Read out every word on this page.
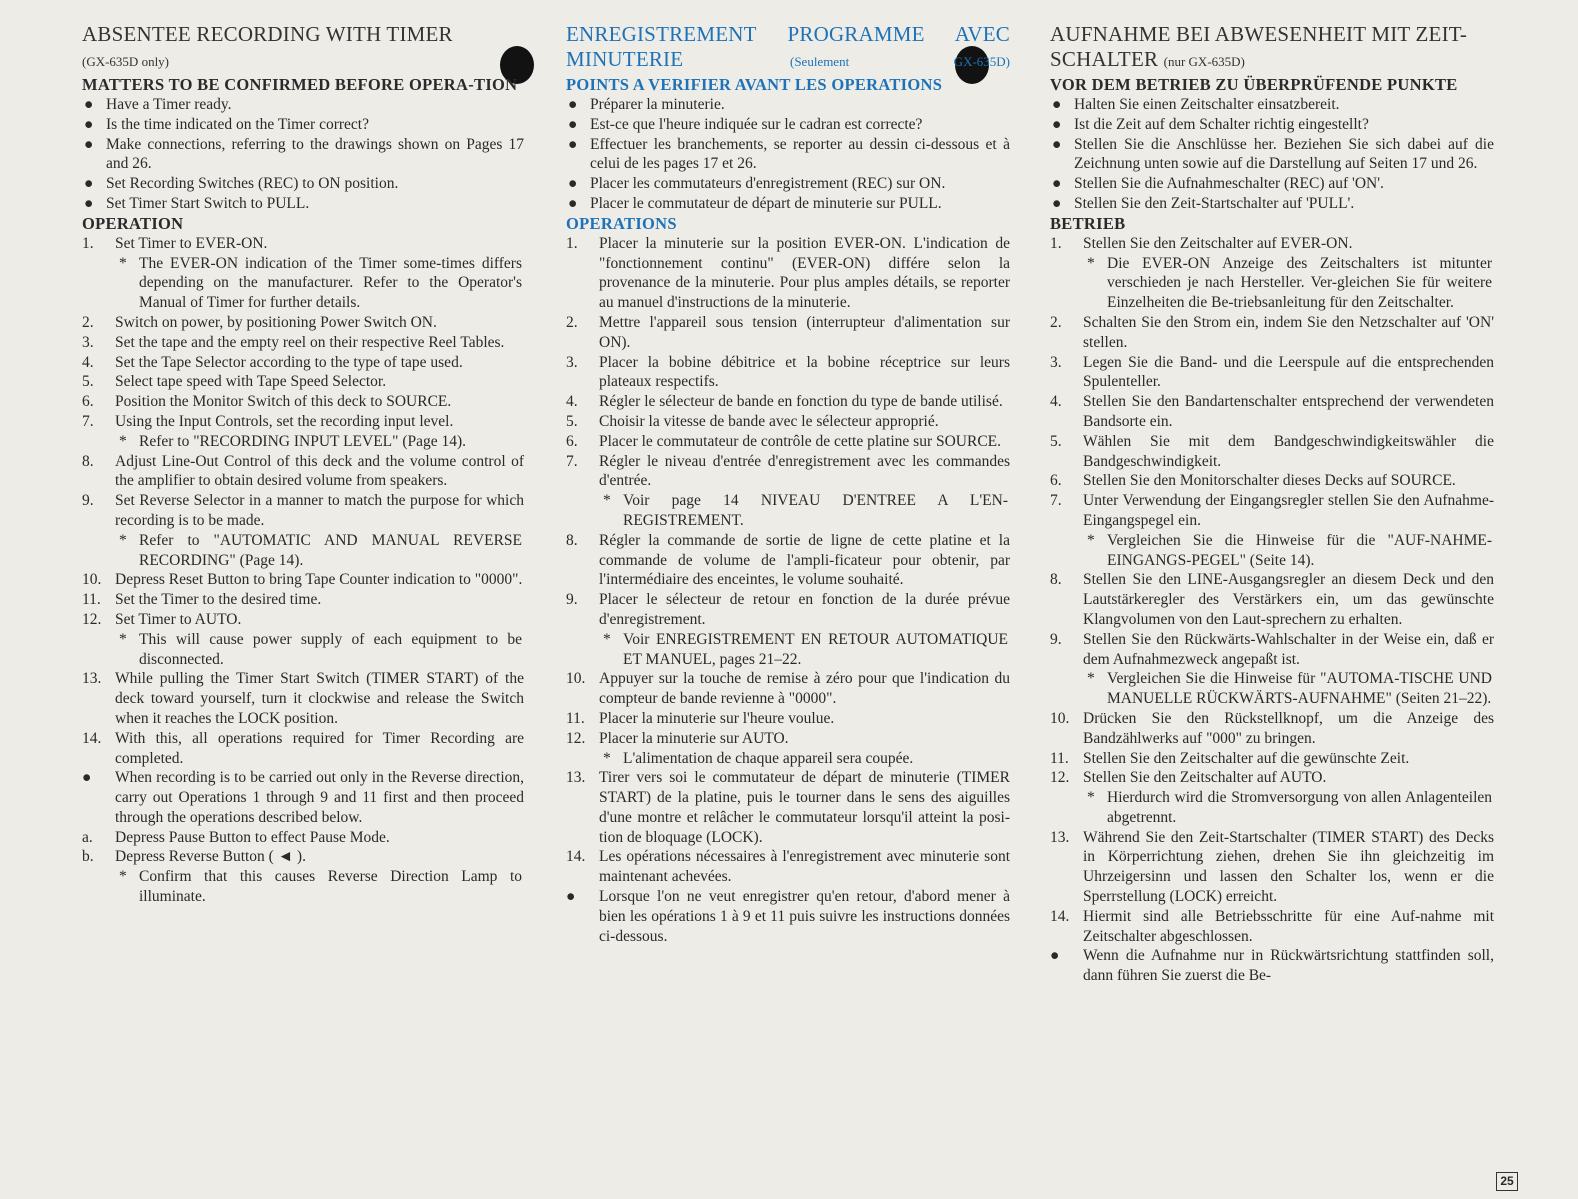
ABSENTEE RECORDING WITH TIMER
(GX-635D only)
MATTERS TO BE CONFIRMED BEFORE OPERA-TION
● Have a Timer ready.
● Is the time indicated on the Timer correct?
● Make connections, referring to the drawings shown on Pages 17 and 26.
● Set Recording Switches (REC) to ON position.
● Set Timer Start Switch to PULL.
OPERATION
1. Set Timer to EVER-ON.
* The EVER-ON indication of the Timer some-times differs depending on the manufacturer. Refer to the Operator's Manual of Timer for further details.
2. Switch on power, by positioning Power Switch ON.
3. Set the tape and the empty reel on their respective Reel Tables.
4. Set the Tape Selector according to the type of tape used.
5. Select tape speed with Tape Speed Selector.
6. Position the Monitor Switch of this deck to SOURCE.
7. Using the Input Controls, set the recording input level.
* Refer to "RECORDING INPUT LEVEL" (Page 14).
8. Adjust Line-Out Control of this deck and the volume control of the amplifier to obtain desired volume from speakers.
9. Set Reverse Selector in a manner to match the purpose for which recording is to be made.
* Refer to "AUTOMATIC AND MANUAL REVERSE RECORDING" (Page 14).
10. Depress Reset Button to bring Tape Counter indication to "0000".
11. Set the Timer to the desired time.
12. Set Timer to AUTO.
* This will cause power supply of each equipment to be disconnected.
13. While pulling the Timer Start Switch (TIMER START) of the deck toward yourself, turn it clockwise and release the Switch when it reaches the LOCK position.
14. With this, all operations required for Timer Recording are completed.
● When recording is to be carried out only in the Reverse direction, carry out Operations 1 through 9 and 11 first and then proceed through the operations described below.
a. Depress Pause Button to effect Pause Mode.
b. Depress Reverse Button ( ◄ ).
* Confirm that this causes Reverse Direction Lamp to illuminate.
ENREGISTREMENT PROGRAMME AVEC MINUTERIE	(Seulement GX-635D)
POINTS A VERIFIER AVANT LES OPERATIONS
● Préparer la minuterie.
● Est-ce que l'heure indiquée sur le cadran est correcte?
● Effectuer les branchements, se reporter au dessin ci-dessous et à celui de les pages 17 et 26.
● Placer les commutateurs d'enregistrement (REC) sur ON.
● Placer le commutateur de départ de minuterie sur PULL.
OPERATIONS
1. Placer la minuterie sur la position EVER-ON. L'indication de "fonctionnement continu" (EVER-ON) différe selon la provenance de la minuterie. Pour plus amples détails, se reporter au manuel d'instructions de la minuterie.
2. Mettre l'appareil sous tension (interrupteur d'alimentation sur ON).
3. Placer la bobine débitrice et la bobine réceptrice sur leurs plateaux respectifs.
4. Régler le sélecteur de bande en fonction du type de bande utilisé.
5. Choisir la vitesse de bande avec le sélecteur approprié.
6. Placer le commutateur de contrôle de cette platine sur SOURCE.
7. Régler le niveau d'entrée d'enregistrement avec les commandes d'entrée.
* Voir page 14 NIVEAU D'ENTREE A L'EN-REGISTREMENT.
8. Régler la commande de sortie de ligne de cette platine et la commande de volume de l'ampli-ficateur pour obtenir, par l'intermédiaire des enceintes, le volume souhaité.
9. Placer le sélecteur de retour en fonction de la durée prévue d'enregistrement.
* Voir ENREGISTREMENT EN RETOUR AUTOMATIQUE ET MANUEL, pages 21–22.
10. Appuyer sur la touche de remise à zéro pour que l'indication du compteur de bande revienne à "0000".
11. Placer la minuterie sur l'heure voulue.
12. Placer la minuterie sur AUTO.
* L'alimentation de chaque appareil sera coupée.
13. Tirer vers soi le commutateur de départ de minuterie (TIMER START) de la platine, puis le tourner dans le sens des aiguilles d'une montre et relâcher le commutateur lorsqu'il atteint la posi-tion de bloquage (LOCK).
14. Les opérations nécessaires à l'enregistrement avec minuterie sont maintenant achevées.
● Lorsque l'on ne veut enregistrer qu'en retour, d'abord mener à bien les opérations 1 à 9 et 11 puis suivre les instructions données ci-dessous.
AUFNAHME BEI ABWESENHEIT MIT ZEIT-SCHALTER (nur GX-635D)
VOR DEM BETRIEB ZU ÜBERPRÜFENDE PUNKTE
● Halten Sie einen Zeitschalter einsatzbereit.
● Ist die Zeit auf dem Schalter richtig eingestellt?
● Stellen Sie die Anschlüsse her. Beziehen Sie sich dabei auf die Zeichnung unten sowie auf die Darstellung auf Seiten 17 und 26.
● Stellen Sie die Aufnahmeschalter (REC) auf 'ON'.
● Stellen Sie den Zeit-Startschalter auf 'PULL'.
BETRIEB
1. Stellen Sie den Zeitschalter auf EVER-ON.
* Die EVER-ON Anzeige des Zeitschalters ist mitunter verschieden je nach Hersteller. Ver-gleichen Sie für weitere Einzelheiten die Be-triebsanleitung für den Zeitschalter.
2. Schalten Sie den Strom ein, indem Sie den Netzschalter auf 'ON' stellen.
3. Legen Sie die Band- und die Leerspule auf die entsprechenden Spulenteller.
4. Stellen Sie den Bandartenschalter entsprechend der verwendeten Bandsorte ein.
5. Wählen Sie mit dem Bandgeschwindigkeitswähler die Bandgeschwindigkeit.
6. Stellen Sie den Monitorschalter dieses Decks auf SOURCE.
7. Unter Verwendung der Eingangsregler stellen Sie den Aufnahme-Eingangspegel ein.
* Vergleichen Sie die Hinweise für die "AUF-NAHME-EINGANGS-PEGEL" (Seite 14).
8. Stellen Sie den LINE-Ausgangsregler an diesem Deck und den Lautstärkeregler des Verstärkers ein, um das gewünschte Klangvolumen von den Laut-sprechern zu erhalten.
9. Stellen Sie den Rückwärts-Wahlschalter in der Weise ein, daß er dem Aufnahmezweck angepaßt ist.
* Vergleichen Sie die Hinweise für "AUTOMA-TISCHE UND MANUELLE RÜCKWÄRTS-AUFNAHME" (Seiten 21–22).
10. Drücken Sie den Rückstellknopf, um die Anzeige des Bandzählwerks auf "000" zu bringen.
11. Stellen Sie den Zeitschalter auf die gewünschte Zeit.
12. Stellen Sie den Zeitschalter auf AUTO.
* Hierdurch wird die Stromversorgung von allen Anlagenteilen abgetrennt.
13. Während Sie den Zeit-Startschalter (TIMER START) des Decks in Körperrichtung ziehen, drehen Sie ihn gleichzeitig im Uhrzeigersinn und lassen den Schalter los, wenn er die Sperrstellung (LOCK) erreicht.
14. Hiermit sind alle Betriebsschritte für eine Auf-nahme mit Zeitschalter abgeschlossen.
● Wenn die Aufnahme nur in Rückwärtsrichtung stattfinden soll, dann führen Sie zuerst die Be-
25
